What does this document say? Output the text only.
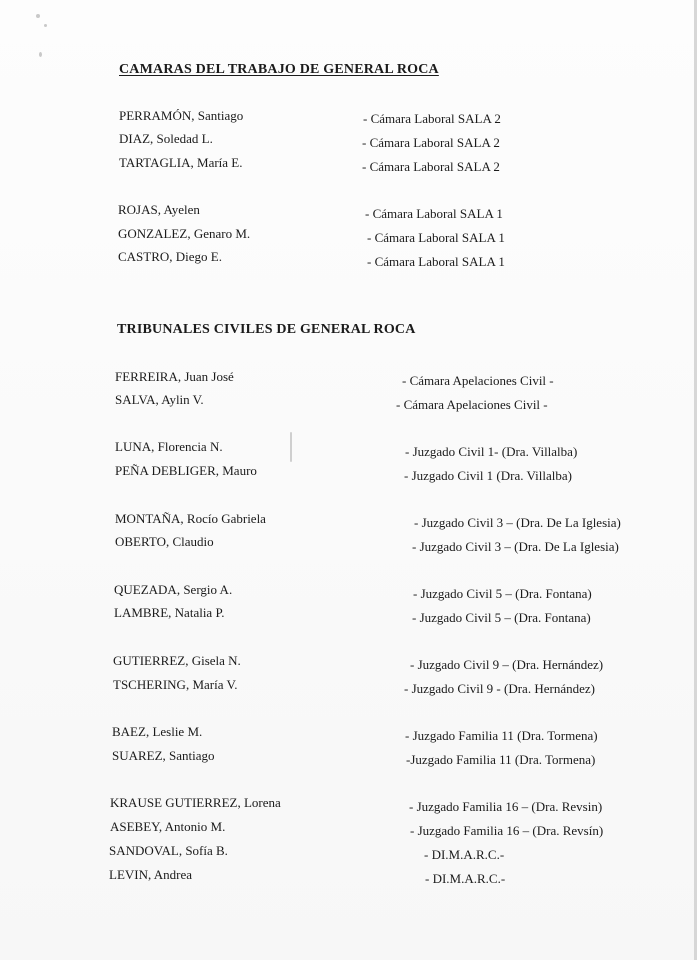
CAMARAS DEL TRABAJO DE GENERAL ROCA
PERRAMÓN, Santiago	- Cámara Laboral SALA 2
DIAZ, Soledad L.	- Cámara Laboral SALA 2
TARTAGLIA, María E.	- Cámara Laboral SALA 2
ROJAS, Ayelen	- Cámara Laboral SALA 1
GONZALEZ, Genaro M.	- Cámara Laboral SALA 1
CASTRO, Diego E.	- Cámara Laboral SALA 1
TRIBUNALES CIVILES DE GENERAL ROCA
FERREIRA, Juan José	- Cámara Apelaciones Civil -
SALVA, Aylin V.	- Cámara Apelaciones Civil -
LUNA, Florencia N.	- Juzgado Civil 1- (Dra. Villalba)
PEÑA DEBLIGER, Mauro	- Juzgado Civil 1 (Dra. Villalba)
MONTAÑA, Rocío Gabriela	- Juzgado Civil 3 – (Dra. De La Iglesia)
OBERTO, Claudio	- Juzgado Civil 3 – (Dra. De La Iglesia)
QUEZADA, Sergio A.	- Juzgado Civil 5 – (Dra. Fontana)
LAMBRE, Natalia P.	- Juzgado Civil 5 – (Dra. Fontana)
GUTIERREZ, Gisela N.	- Juzgado Civil 9 – (Dra. Hernández)
TSCHERING, María V.	- Juzgado Civil 9 - (Dra. Hernández)
BAEZ, Leslie M.	- Juzgado Familia 11 (Dra. Tormena)
SUAREZ, Santiago	-Juzgado Familia 11 (Dra. Tormena)
KRAUSE GUTIERREZ, Lorena	- Juzgado Familia 16 – (Dra. Revsin)
ASEBEY, Antonio M.	- Juzgado Familia 16 – (Dra. Revsín)
SANDOVAL, Sofía B.	- DI.M.A.R.C.-
LEVIN, Andrea	- DI.M.A.R.C.-
